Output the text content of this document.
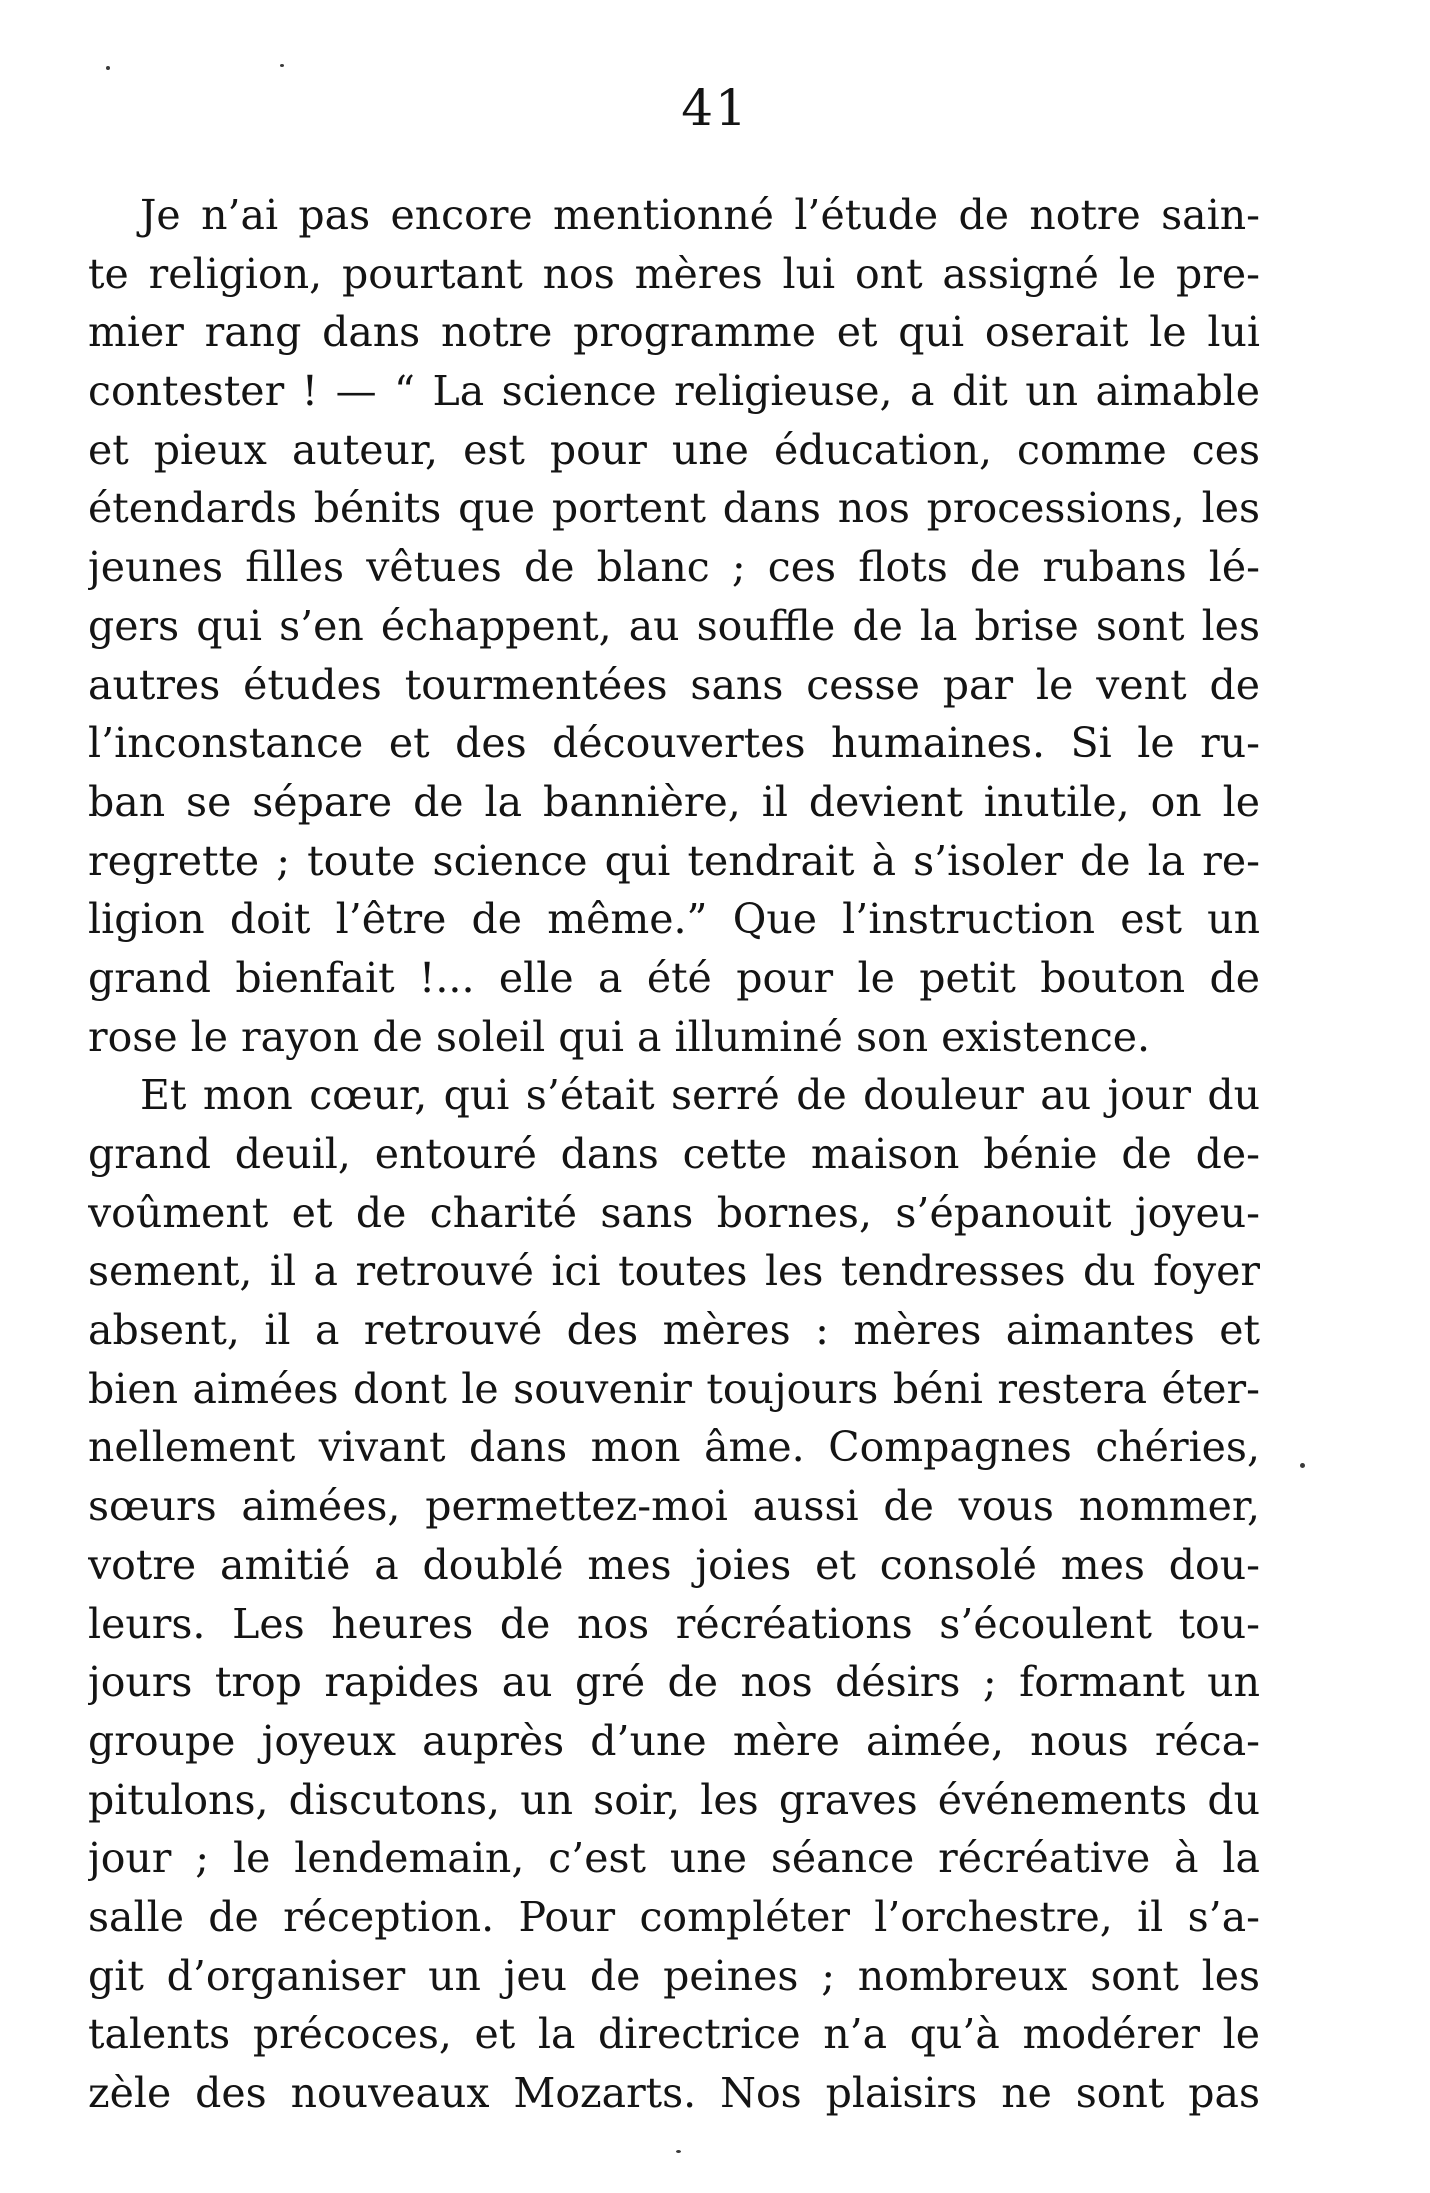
41
Je n’ai pas encore mentionné l’étude de notre sain-
te religion, pourtant nos mères lui ont assigné le pre-
mier rang dans notre programme et qui oserait le lui
contester ! — “ La science religieuse, a dit un aimable
et pieux auteur, est pour une éducation, comme ces
étendards bénits que portent dans nos processions, les
jeunes filles vêtues de blanc ; ces flots de rubans lé-
gers qui s’en échappent, au souffle de la brise sont les
autres études tourmentées sans cesse par le vent de
l’inconstance et des découvertes humaines. Si le ru-
ban se sépare de la bannière, il devient inutile, on le
regrette ; toute science qui tendrait à s’isoler de la re-
ligion doit l’être de même.” Que l’instruction est un
grand bienfait !... elle a été pour le petit bouton de
rose le rayon de soleil qui a illuminé son existence.
Et mon cœur, qui s’était serré de douleur au jour du
grand deuil, entouré dans cette maison bénie de de-
voûment et de charité sans bornes, s’épanouit joyeu-
sement, il a retrouvé ici toutes les tendresses du foyer
absent, il a retrouvé des mères : mères aimantes et
bien aimées dont le souvenir toujours béni restera éter-
nellement vivant dans mon âme. Compagnes chéries,
sœurs aimées, permettez-moi aussi de vous nommer,
votre amitié a doublé mes joies et consolé mes dou-
leurs. Les heures de nos récréations s’écoulent tou-
jours trop rapides au gré de nos désirs ; formant un
groupe joyeux auprès d’une mère aimée, nous réca-
pitulons, discutons, un soir, les graves événements du
jour ; le lendemain, c’est une séance récréative à la
salle de réception. Pour compléter l’orchestre, il s’a-
git d’organiser un jeu de peines ; nombreux sont les
talents précoces, et la directrice n’a qu’à modérer le
zèle des nouveaux Mozarts. Nos plaisirs ne sont pas
